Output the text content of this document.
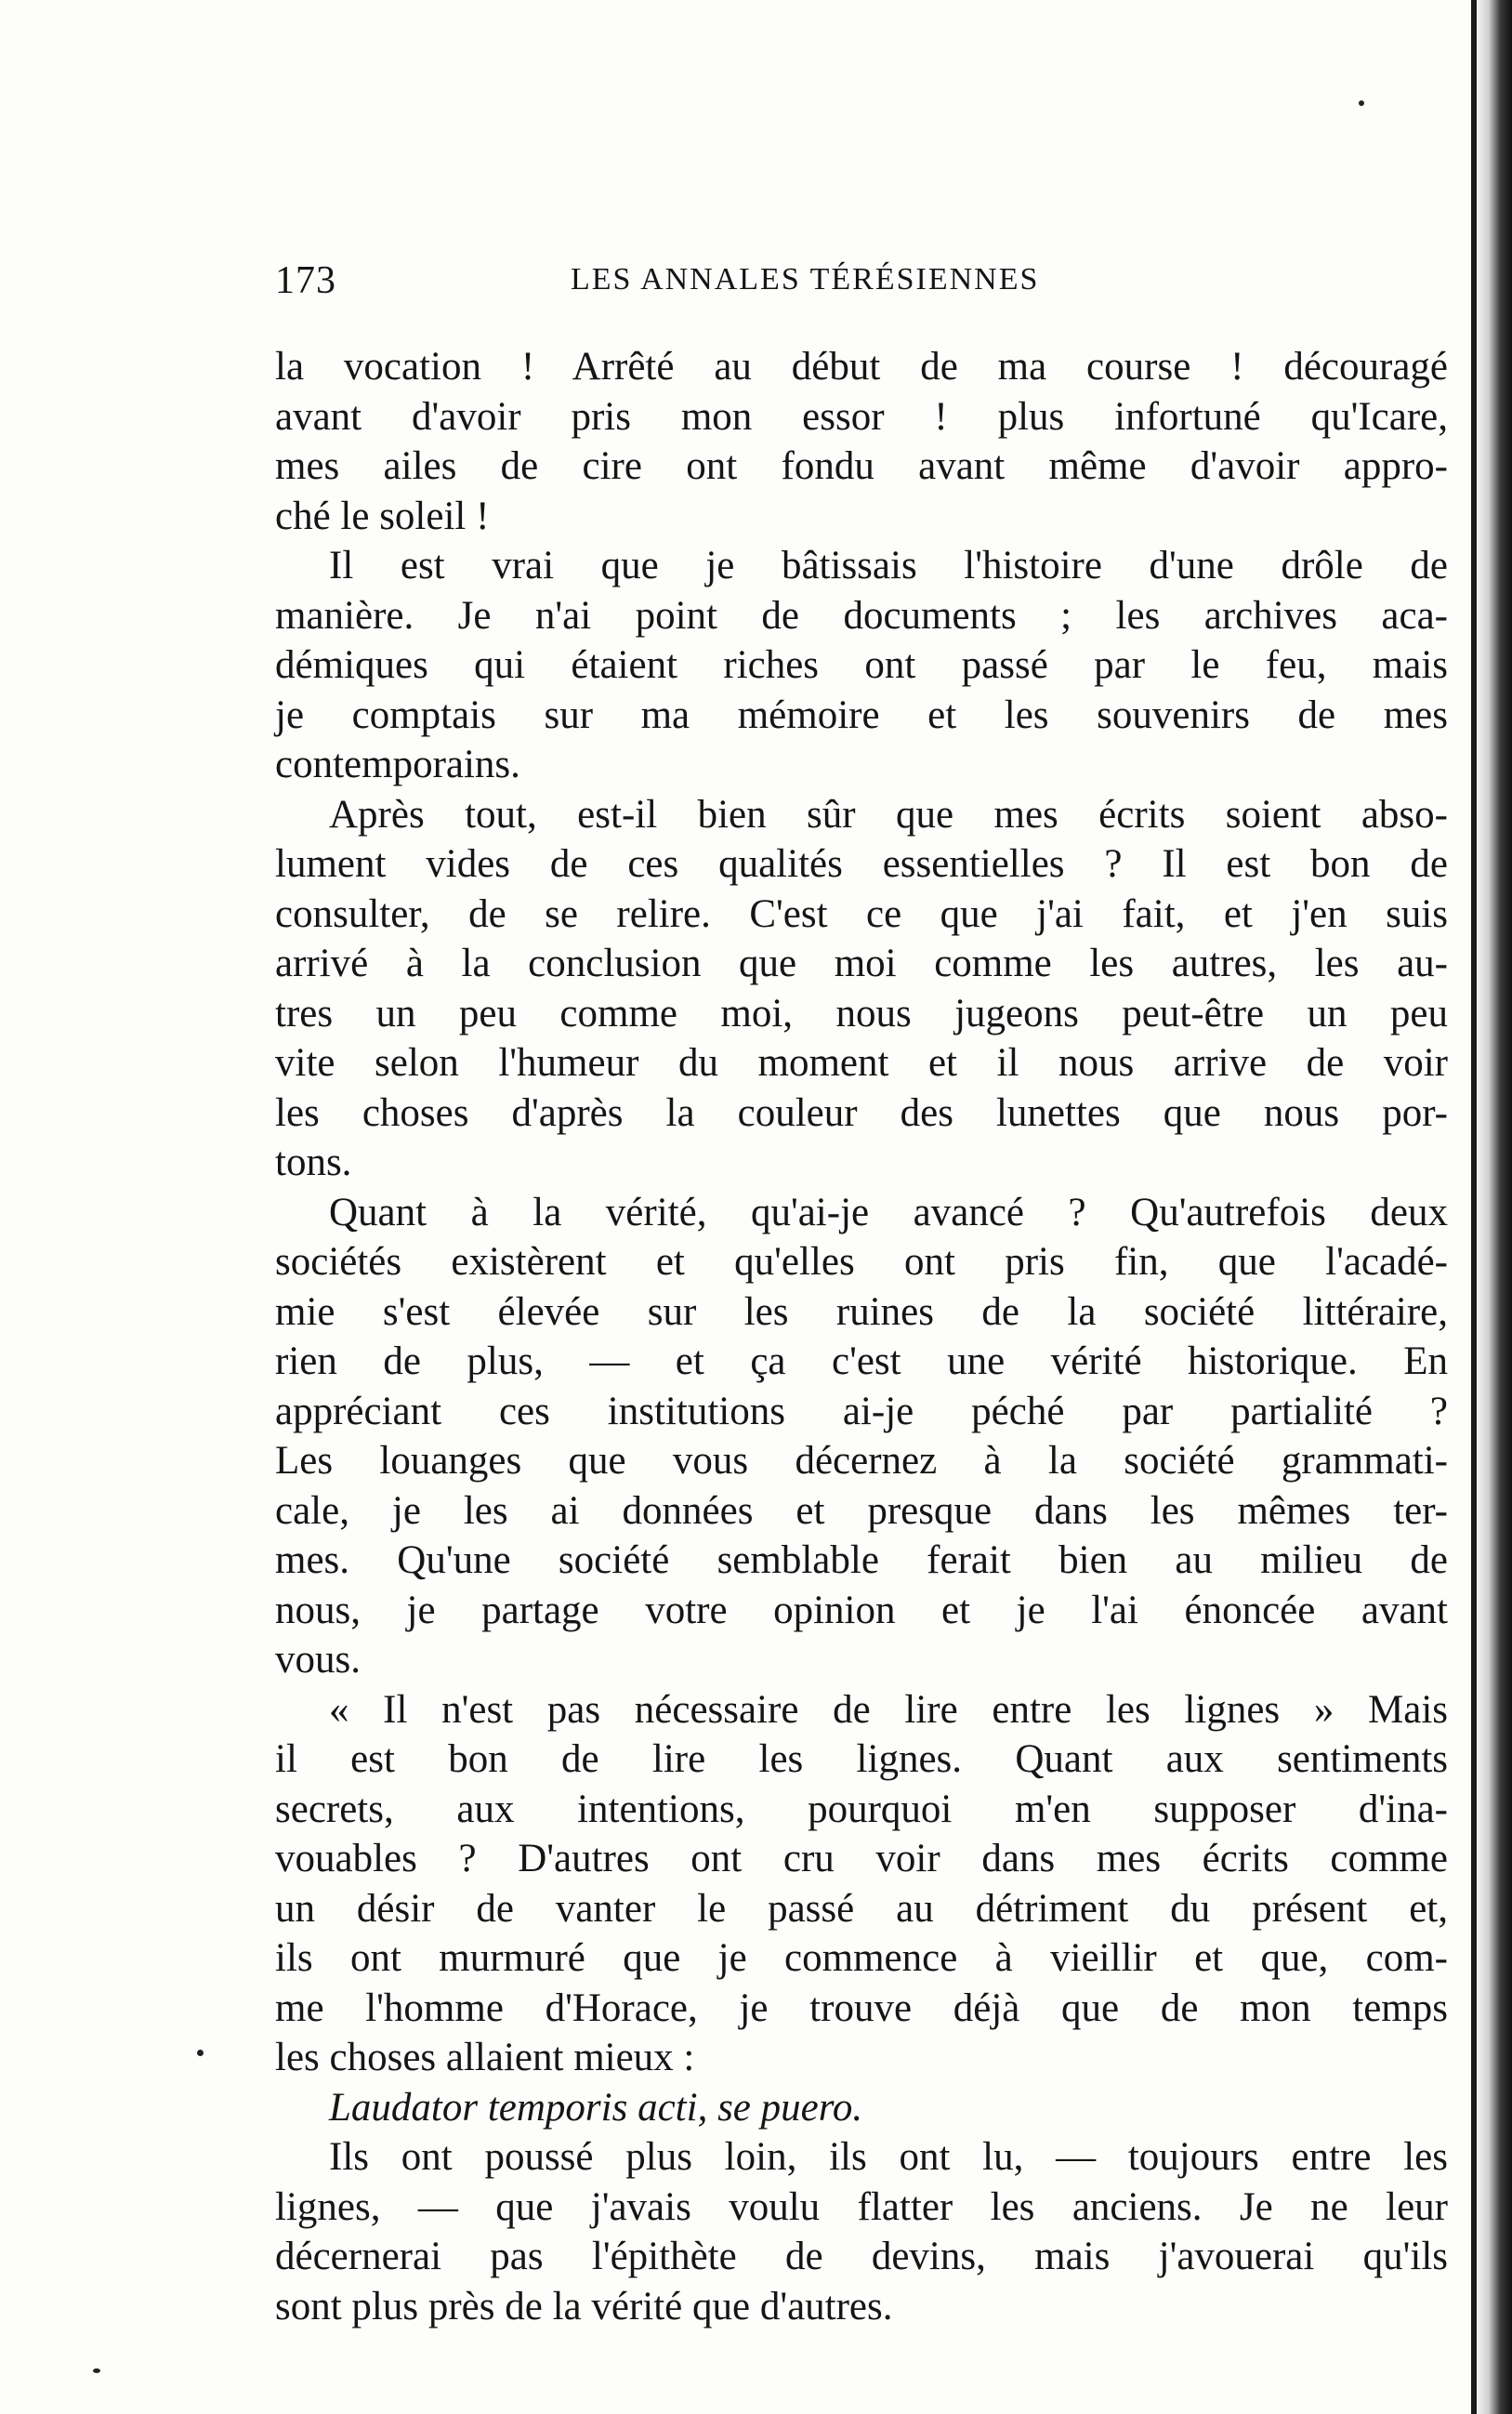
173	LES ANNALES TÉRÉSIENNES
la vocation ! Arrêté au début de ma course ! découragé
avant d'avoir pris mon essor ! plus infortuné qu'Icare,
mes ailes de cire ont fondu avant même d'avoir appro-
ché le soleil !
Il est vrai que je bâtissais l'histoire d'une drôle de
manière. Je n'ai point de documents ; les archives aca-
démiques qui étaient riches ont passé par le feu, mais
je comptais sur ma mémoire et les souvenirs de mes
contemporains.
Après tout, est-il bien sûr que mes écrits soient abso-
lument vides de ces qualités essentielles ? Il est bon de
consulter, de se relire. C'est ce que j'ai fait, et j'en suis
arrivé à la conclusion que moi comme les autres, les au-
tres un peu comme moi, nous jugeons peut-être un peu
vite selon l'humeur du moment et il nous arrive de voir
les choses d'après la couleur des lunettes que nous por-
tons.
Quant à la vérité, qu'ai-je avancé ? Qu'autrefois deux
sociétés existèrent et qu'elles ont pris fin, que l'acadé-
mie s'est élevée sur les ruines de la société littéraire,
rien de plus, — et ça c'est une vérité historique. En
appréciant ces institutions ai-je péché par partialité ?
Les louanges que vous décernez à la société grammati-
cale, je les ai données et presque dans les mêmes ter-
mes. Qu'une société semblable ferait bien au milieu de
nous, je partage votre opinion et je l'ai énoncée avant
vous.
« Il n'est pas nécessaire de lire entre les lignes » Mais
il est bon de lire les lignes. Quant aux sentiments
secrets, aux intentions, pourquoi m'en supposer d'ina-
vouables ? D'autres ont cru voir dans mes écrits comme
un désir de vanter le passé au détriment du présent et,
ils ont murmuré que je commence à vieillir et que, com-
me l'homme d'Horace, je trouve déjà que de mon temps
les choses allaient mieux :
Laudator temporis acti, se puero.
Ils ont poussé plus loin, ils ont lu, — toujours entre les
lignes, — que j'avais voulu flatter les anciens. Je ne leur
décernerai pas l'épithète de devins, mais j'avouerai qu'ils
sont plus près de la vérité que d'autres.
